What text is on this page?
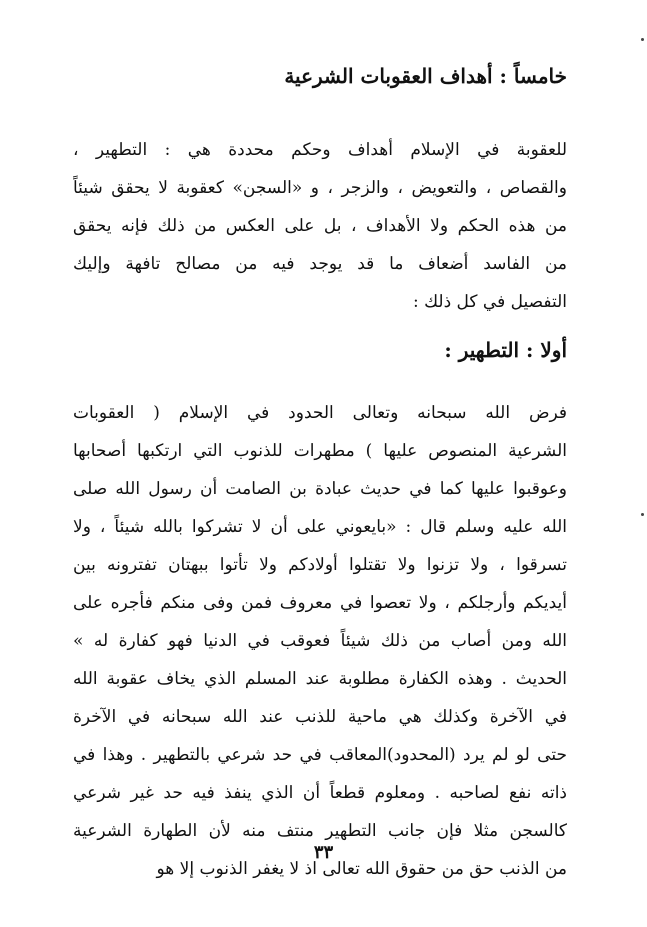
خامساً : أهداف العقوبات الشرعية
للعقوبة في الإسلام أهداف وحكم محددة هي : التطهير ،
والقصاص ، والتعويض ، والزجر ، و «السجن» كعقوبة لا يحقق شيئاً
من هذه الحكم ولا الأهداف ، بل على العكس من ذلك فإنه يحقق
من الفاسد أضعاف ما قد يوجد فيه من مصالح تافهة وإليك
التفصيل في كل ذلك :
أولا : التطهير :
فرض الله سبحانه وتعالى الحدود في الإسلام ( العقوبات
الشرعية المنصوص عليها ) مطهرات للذنوب التي ارتكبها أصحابها
وعوقبوا عليها كما في حديث عبادة بن الصامت أن رسول الله صلى
الله عليه وسلم قال : «بايعوني على أن لا تشركوا بالله شيئاً ، ولا
تسرقوا ، ولا تزنوا ولا تقتلوا أولادكم ولا تأتوا ببهتان تفترونه بين
أيديكم وأرجلكم ، ولا تعصوا في معروف فمن وفى منكم فأجره على
الله ومن أصاب من ذلك شيئاً فعوقب في الدنيا فهو كفارة له »
الحديث . وهذه الكفارة مطلوبة عند المسلم الذي يخاف عقوبة الله
في الآخرة وكذلك هي ماحية للذنب عند الله سبحانه في الآخرة
حتى لو لم يرد (المحدود)المعاقب في حد شرعي بالتطهير . وهذا في
ذاته نفع لصاحبه . ومعلوم قطعاً أن الذي ينفذ فيه حد غير شرعي
كالسجن مثلا فإن جانب التطهير منتف منه لأن الطهارة الشرعية
من الذنب حق من حقوق الله تعالى اذ لا يغفر الذنوب إلا هو
٣٣
